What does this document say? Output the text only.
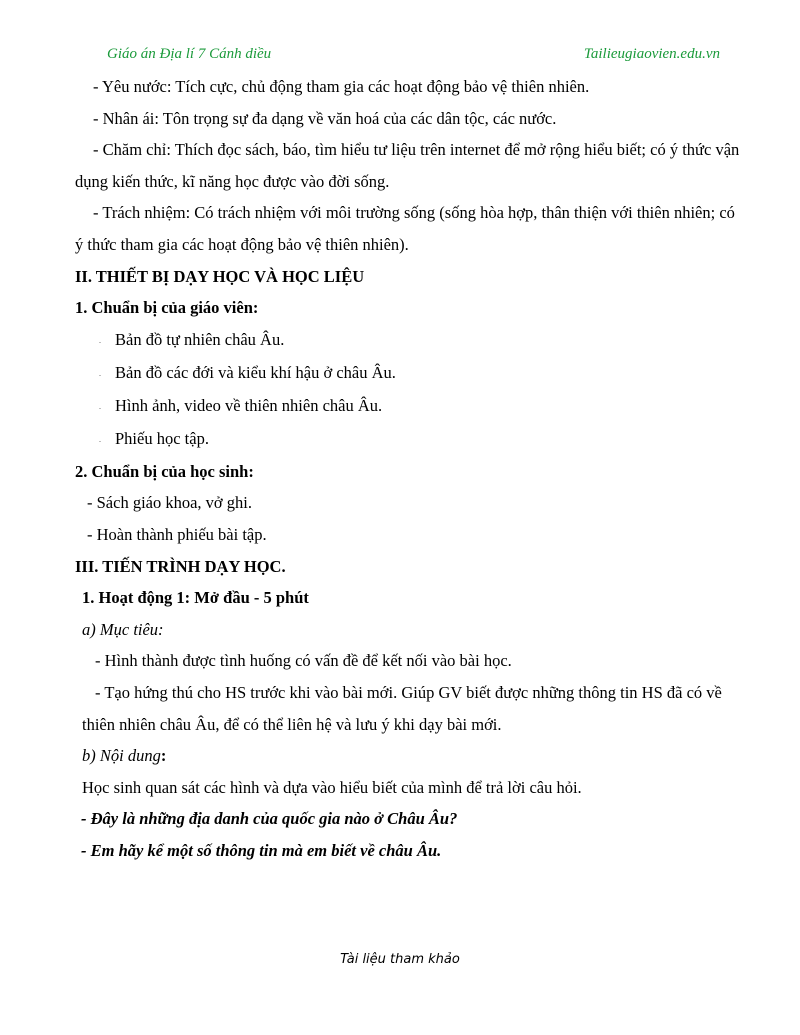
Giáo án Địa lí 7 Cánh diều	Tailieugiaovien.edu.vn

- Yêu nước: Tích cực, chủ động tham gia các hoạt động bảo vệ thiên nhiên.

- Nhân ái: Tôn trọng sự đa dạng về văn hoá của các dân tộc, các nước.

- Chăm chỉ: Thích đọc sách, báo, tìm hiểu tư liệu trên internet để mở rộng hiểu biết; có ý thức vận dụng kiến thức, kĩ năng học được vào đời sống.

- Trách nhiệm: Có trách nhiệm với môi trường sống (sống hòa hợp, thân thiện với thiên nhiên; có ý thức tham gia các hoạt động bảo vệ thiên nhiên).

II. THIẾT BỊ DẠY HỌC VÀ HỌC LIỆU

1. Chuẩn bị của giáo viên:

. Bản đồ tự nhiên châu Âu.

. Bản đồ các đới và kiểu khí hậu ở châu Âu.

. Hình ảnh, video về thiên nhiên châu Âu.

. Phiếu học tập.

2. Chuẩn bị của học sinh:

- Sách giáo khoa, vở ghi.

- Hoàn thành phiếu bài tập.

III. TIẾN TRÌNH DẠY HỌC.

1. Hoạt động 1: Mở đầu - 5 phút

a) Mục tiêu:

- Hình thành được tình huống có vấn đề để kết nối vào bài học.

- Tạo hứng thú cho HS trước khi vào bài mới. Giúp GV biết được những thông tin HS đã có về thiên nhiên châu Âu, để có thể liên hệ và lưu ý khi dạy bài mới.

b) Nội dung:

Học sinh quan sát các hình và dựa vào hiểu biết của mình để trả lời câu hỏi.

- Đây là những địa danh của quốc gia nào ở Châu Âu?

- Em hãy kể một số thông tin mà em biết về châu Âu.

Tài liệu tham khảo
